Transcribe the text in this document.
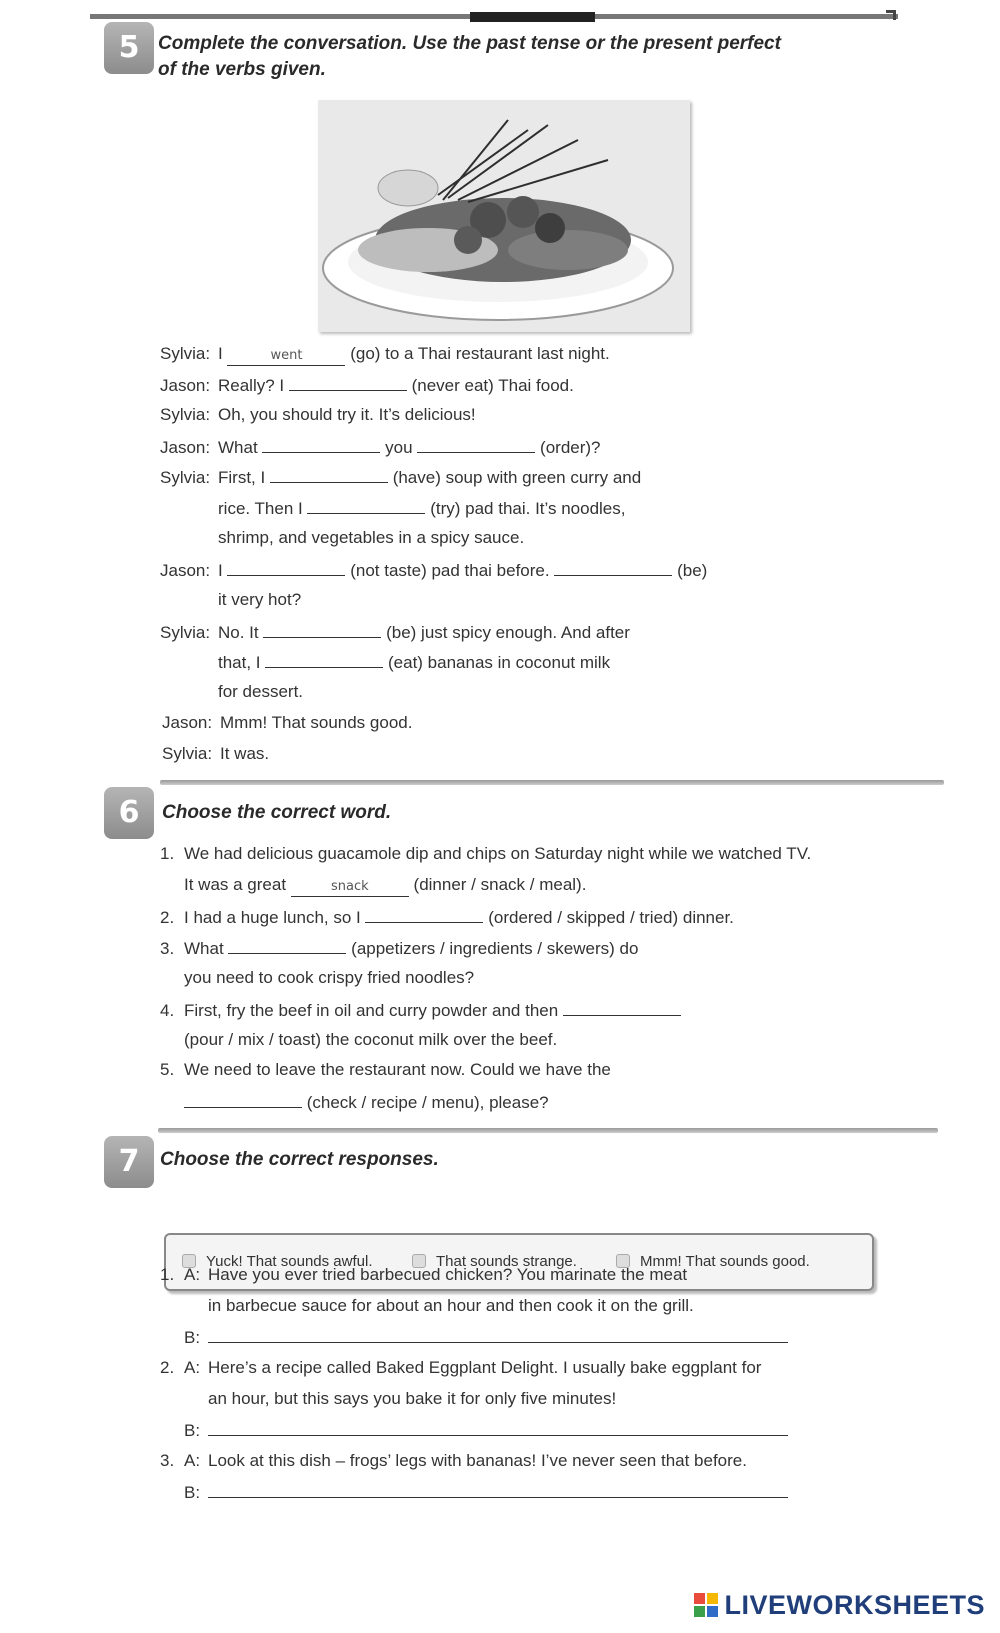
5 Complete the conversation. Use the past tense or the present perfect
of the verbs given.
Sylvia: I	went	(go) to a Thai restaurant last night.
Jason: Really? I	(never eat) Thai food.
Sylvia: Oh, you should try it. It’s delicious!
Jason: What	you	(order)?
Sylvia: First, I	(have) soup with green curry and
rice. Then I	(try) pad thai. It’s noodles,
shrimp, and vegetables in a spicy sauce.
Jason: I	(not taste) pad thai before.	(be)
it very hot?
Sylvia: No. It	(be) just spicy enough. And after
that, I	(eat) bananas in coconut milk
for dessert.
Jason: Mmm! That sounds good.
Sylvia: It was.
6	Choose the correct word.
1. We had delicious guacamole dip and chips on Saturday night while we watched TV.
It was a great	snack	(dinner / snack / meal).
2. I had a huge lunch, so I	(ordered / skipped / tried) dinner.
3. What	(appetizers / ingredients / skewers) do
you need to cook crispy fried noodles?
4. First, fry the beef in oil and curry powder and then
(pour / mix / toast) the coconut milk over the beef.
5. We need to leave the restaurant now. Could we have the
(check / recipe / menu), please?
7	Choose the correct responses.
Yuck! That sounds awful.	That sounds strange.	Mmm! That sounds good.
1. A: Have you ever tried barbecued chicken? You marinate the meat
in barbecue sauce for about an hour and then cook it on the grill.
B:
2. A: Here’s a recipe called Baked Eggplant Delight. I usually bake eggplant for
an hour, but this says you bake it for only five minutes!
B:
3. A: Look at this dish – frogs’ legs with bananas! I’ve never seen that before.
B:
LIVEWORKSHEETS
